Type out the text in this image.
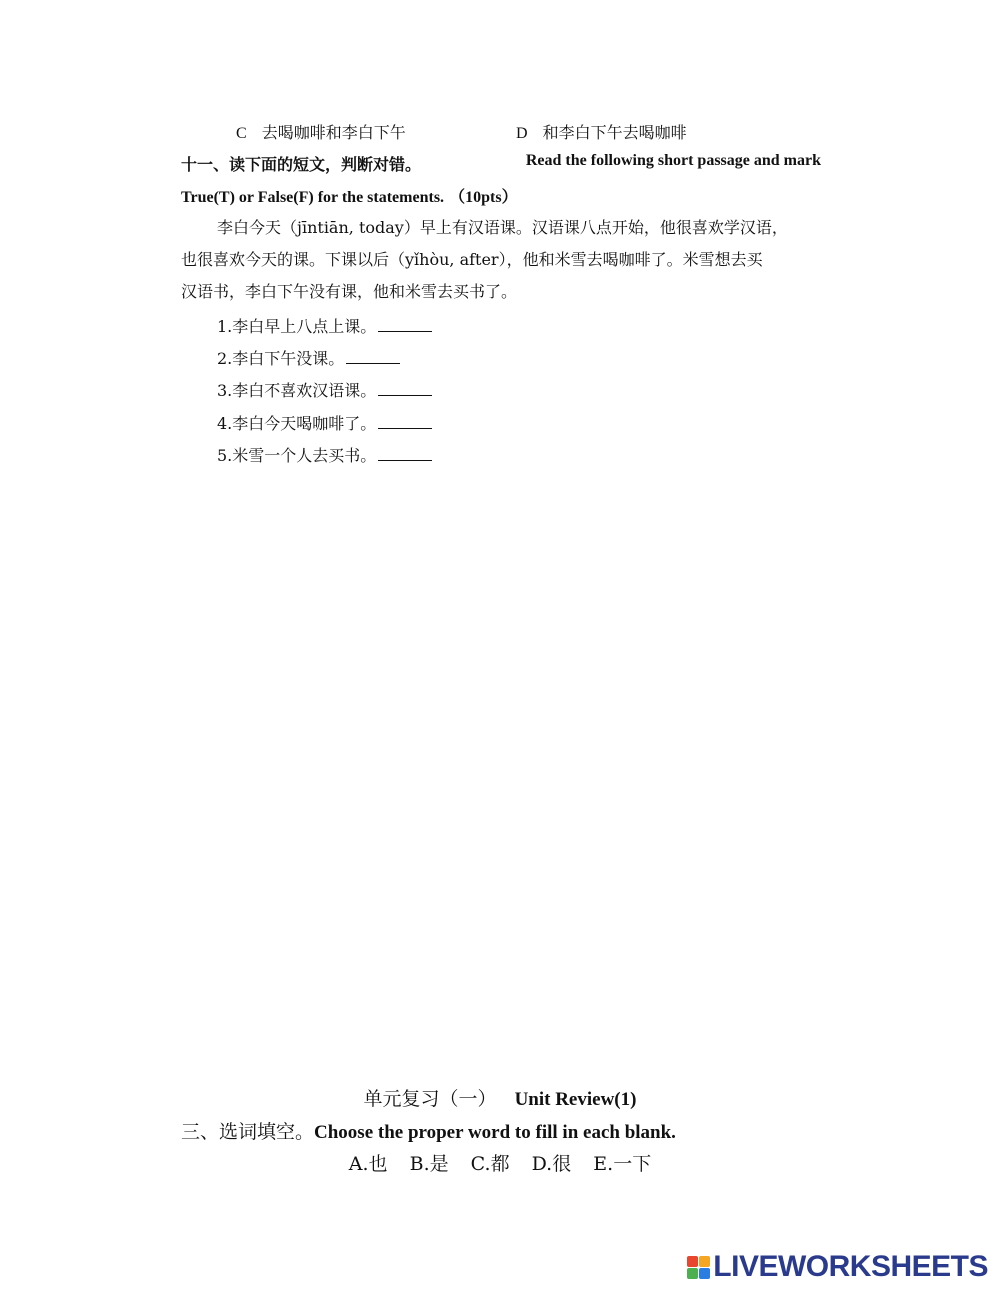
C 去喝咖啡和李白下午	D 和李白下午去喝咖啡
十一、读下面的短文，判断对错。	Read the following short passage and mark
True(T) or False(F) for the statements. （10pts）

李白今天（jīntiān, today）早上有汉语课。汉语课八点开始，他很喜欢学汉语，

也很喜欢今天的课。下课以后（yǐhòu, after），他和米雪去喝咖啡了。米雪想去买

汉语书，李白下午没有课，他和米雪去买书了。

1.李白早上八点上课。
2.李白下午没课。
3.李白不喜欢汉语课。
4.李白今天喝咖啡了。
5.米雪一个人去买书。
单元复习（一） Unit Review(1)
三、选词填空。Choose the proper word to fill in each blank.
A.也 B.是 C.都 D.很 E.一下
LIVEWORKSHEETS
